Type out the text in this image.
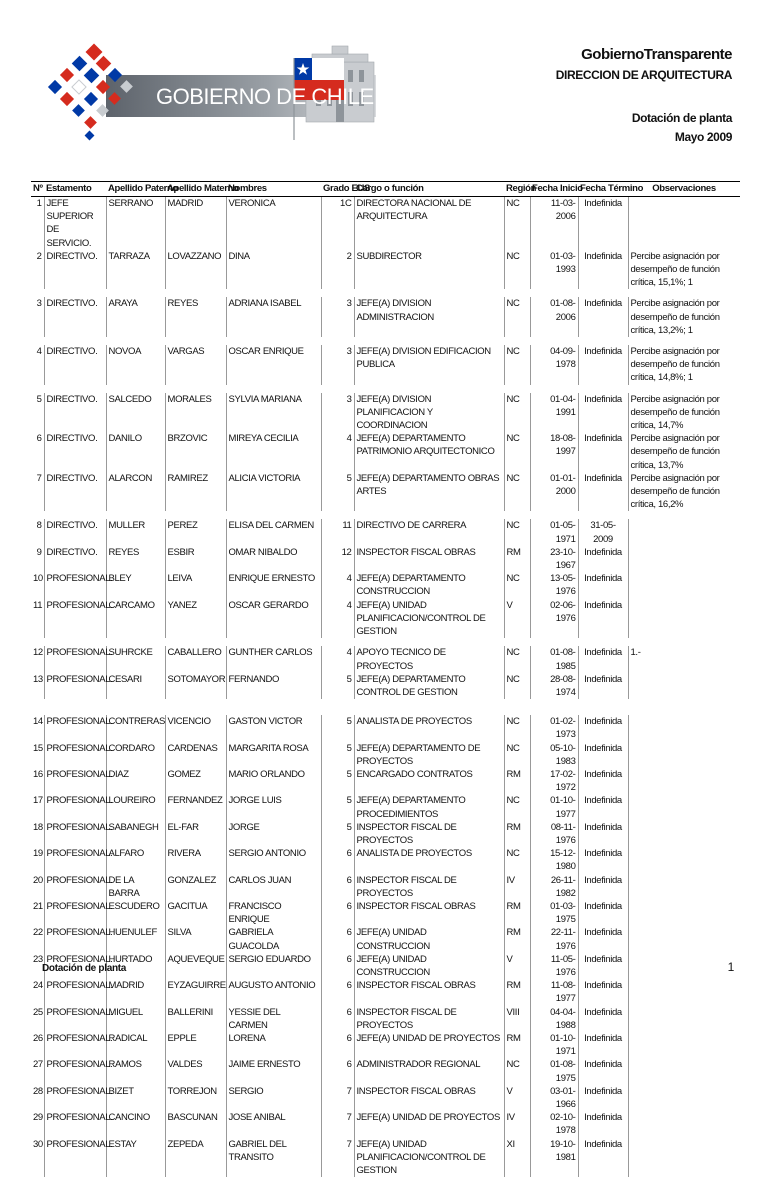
GOBIERNO DE CHILE
GobiernoTransparente
DIRECCION DE ARQUITECTURA
Dotación de planta
Mayo 2009
Nº	Estamento	Apellido Paterno	Apellido Materno	Nombres	Grado EUS	Cargo o función	Región	Fecha Inicio	Fecha Término	Observaciones
1	JEFE SUPERIOR DE SERVICIO.	SERRANO	MADRID	VERONICA	1C	DIRECTORA NACIONAL DE ARQUITECTURA	NC	11-03-2006	Indefinida	
2	DIRECTIVO.	TARRAZA	LOVAZZANO	DINA	2	SUBDIRECTOR	NC	01-03-1993	Indefinida	Percibe asignación por desempeño de función crítica, 15,1%; 1

3	DIRECTIVO.	ARAYA	REYES	ADRIANA ISABEL	3	JEFE(A) DIVISION ADMINISTRACION	NC	01-08-2006	Indefinida	Percibe asignación por desempeño de función crítica, 13,2%; 1

4	DIRECTIVO.	NOVOA	VARGAS	OSCAR ENRIQUE	3	JEFE(A) DIVISION EDIFICACION PUBLICA	NC	04-09-1978	Indefinida	Percibe asignación por desempeño de función crítica, 14,8%; 1

5	DIRECTIVO.	SALCEDO	MORALES	SYLVIA MARIANA	3	JEFE(A) DIVISION PLANIFICACION Y COORDINACION	NC	01-04-1991	Indefinida	Percibe asignación por desempeño de función crítica, 14,7%
6	DIRECTIVO.	DANILO	BRZOVIC	MIREYA CECILIA	4	JEFE(A) DEPARTAMENTO PATRIMONIO ARQUITECTONICO	NC	18-08-1997	Indefinida	Percibe asignación por desempeño de función crítica, 13,7%
7	DIRECTIVO.	ALARCON	RAMIREZ	ALICIA VICTORIA	5	JEFE(A) DEPARTAMENTO OBRAS ARTES	NC	01-01-2000	Indefinida	Percibe asignación por desempeño de función crítica, 16,2%

8	DIRECTIVO.	MULLER	PEREZ	ELISA DEL CARMEN	11	DIRECTIVO DE CARRERA	NC	01-05-1971	31-05-2009	
9	DIRECTIVO.	REYES	ESBIR	OMAR NIBALDO	12	INSPECTOR FISCAL OBRAS	RM	23-10-1967	Indefinida	
10	PROFESIONAL.	BLEY	LEIVA	ENRIQUE ERNESTO	4	JEFE(A) DEPARTAMENTO CONSTRUCCION	NC	13-05-1976	Indefinida	
11	PROFESIONAL.	CARCAMO	YANEZ	OSCAR GERARDO	4	JEFE(A) UNIDAD PLANIFICACION/CONTROL DE GESTION	V	02-06-1976	Indefinida	

12	PROFESIONAL.	SUHRCKE	CABALLERO	GUNTHER CARLOS	4	APOYO TECNICO DE PROYECTOS	NC	01-08-1985	Indefinida	1.-
13	PROFESIONAL.	CESARI	SOTOMAYOR	FERNANDO	5	JEFE(A) DEPARTAMENTO CONTROL DE GESTION	NC	28-08-1974	Indefinida	

14	PROFESIONAL.	CONTRERAS	VICENCIO	GASTON VICTOR	5	ANALISTA DE PROYECTOS	NC	01-02-1973	Indefinida	
15	PROFESIONAL.	CORDARO	CARDENAS	MARGARITA ROSA	5	JEFE(A) DEPARTAMENTO DE PROYECTOS	NC	05-10-1983	Indefinida	
16	PROFESIONAL.	DIAZ	GOMEZ	MARIO ORLANDO	5	ENCARGADO CONTRATOS	RM	17-02-1972	Indefinida	
17	PROFESIONAL.	LOUREIRO	FERNANDEZ	JORGE LUIS	5	JEFE(A) DEPARTAMENTO PROCEDIMIENTOS	NC	01-10-1977	Indefinida	
18	PROFESIONAL.	SABANEGH	EL-FAR	JORGE	5	INSPECTOR FISCAL DE PROYECTOS	RM	08-11-1976	Indefinida	
19	PROFESIONAL.	ALFARO	RIVERA	SERGIO ANTONIO	6	ANALISTA DE PROYECTOS	NC	15-12-1980	Indefinida	
20	PROFESIONAL.	DE LA BARRA	GONZALEZ	CARLOS JUAN	6	INSPECTOR FISCAL DE PROYECTOS	IV	26-11-1982	Indefinida	
21	PROFESIONAL.	ESCUDERO	GACITUA	FRANCISCO ENRIQUE	6	INSPECTOR FISCAL OBRAS	RM	01-03-1975	Indefinida	
22	PROFESIONAL.	HUENULEF	SILVA	GABRIELA GUACOLDA	6	JEFE(A) UNIDAD CONSTRUCCION	RM	22-11-1976	Indefinida	
23	PROFESIONAL.	HURTADO	AQUEVEQUE	SERGIO EDUARDO	6	JEFE(A) UNIDAD CONSTRUCCION	V	11-05-1976	Indefinida	
24	PROFESIONAL.	MADRID	EYZAGUIRRE	AUGUSTO ANTONIO	6	INSPECTOR FISCAL OBRAS	RM	11-08-1977	Indefinida	
25	PROFESIONAL.	MIGUEL	BALLERINI	YESSIE DEL CARMEN	6	INSPECTOR FISCAL DE PROYECTOS	VIII	04-04-1988	Indefinida	
26	PROFESIONAL.	RADICAL	EPPLE	LORENA	6	JEFE(A) UNIDAD DE PROYECTOS	RM	01-10-1971	Indefinida	
27	PROFESIONAL.	RAMOS	VALDES	JAIME ERNESTO	6	ADMINISTRADOR REGIONAL	NC	01-08-1975	Indefinida	
28	PROFESIONAL.	BIZET	TORREJON	SERGIO	7	INSPECTOR FISCAL OBRAS	V	03-01-1966	Indefinida	
29	PROFESIONAL.	CANCINO	BASCUNAN	JOSE ANIBAL	7	JEFE(A) UNIDAD DE PROYECTOS	IV	02-10-1978	Indefinida	
30	PROFESIONAL.	ESTAY	ZEPEDA	GABRIEL DEL TRANSITO	7	JEFE(A) UNIDAD PLANIFICACION/CONTROL DE GESTION	XI	19-10-1981	Indefinida	
Dotación de planta	1
